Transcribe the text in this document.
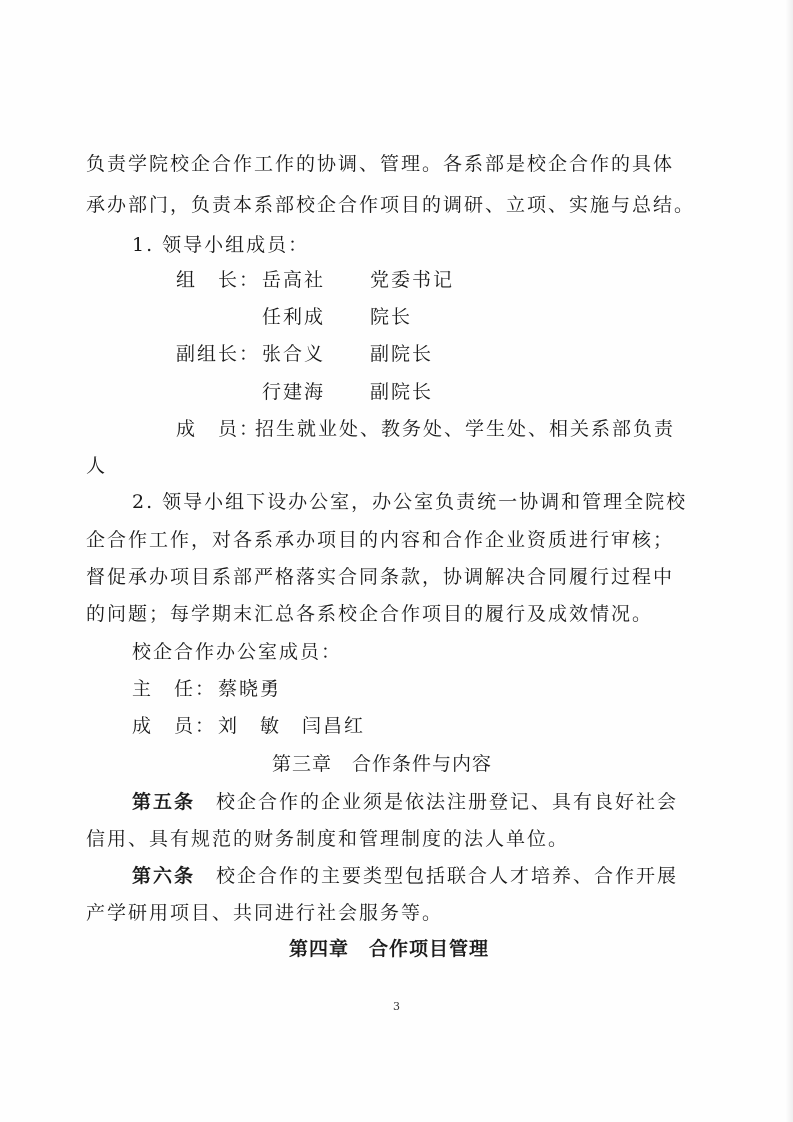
负责学院校企合作工作的协调、管理。各系部是校企合作的具体
承办部门，负责本系部校企合作项目的调研、立项、实施与总结。
1. 领导小组成员：
组　长： 岳高社 党委书记
任利成 院长
副组长： 张合义 副院长
行建海 副院长
成　员：
招生就业处、教务处、学生处、相关系部负责
人
2. 领导小组下设办公室，办公室负责统一协调和管理全院校
企合作工作，对各系承办项目的内容和合作企业资质进行审核；
督促承办项目系部严格落实合同条款，协调解决合同履行过程中
的问题；每学期末汇总各系校企合作项目的履行及成效情况。
校企合作办公室成员：
主　任： 蔡晓勇
成　员： 刘　敏　闫昌红
第三章　合作条件与内容
第五条　 校企合作的企业须是依法注册登记、具有良好社会
信用、具有规范的财务制度和管理制度的法人单位。
第六条　 校企合作的主要类型包括联合人才培养、合作开展
产学研用项目、共同进行社会服务等。
第四章　合作项目管理
3
